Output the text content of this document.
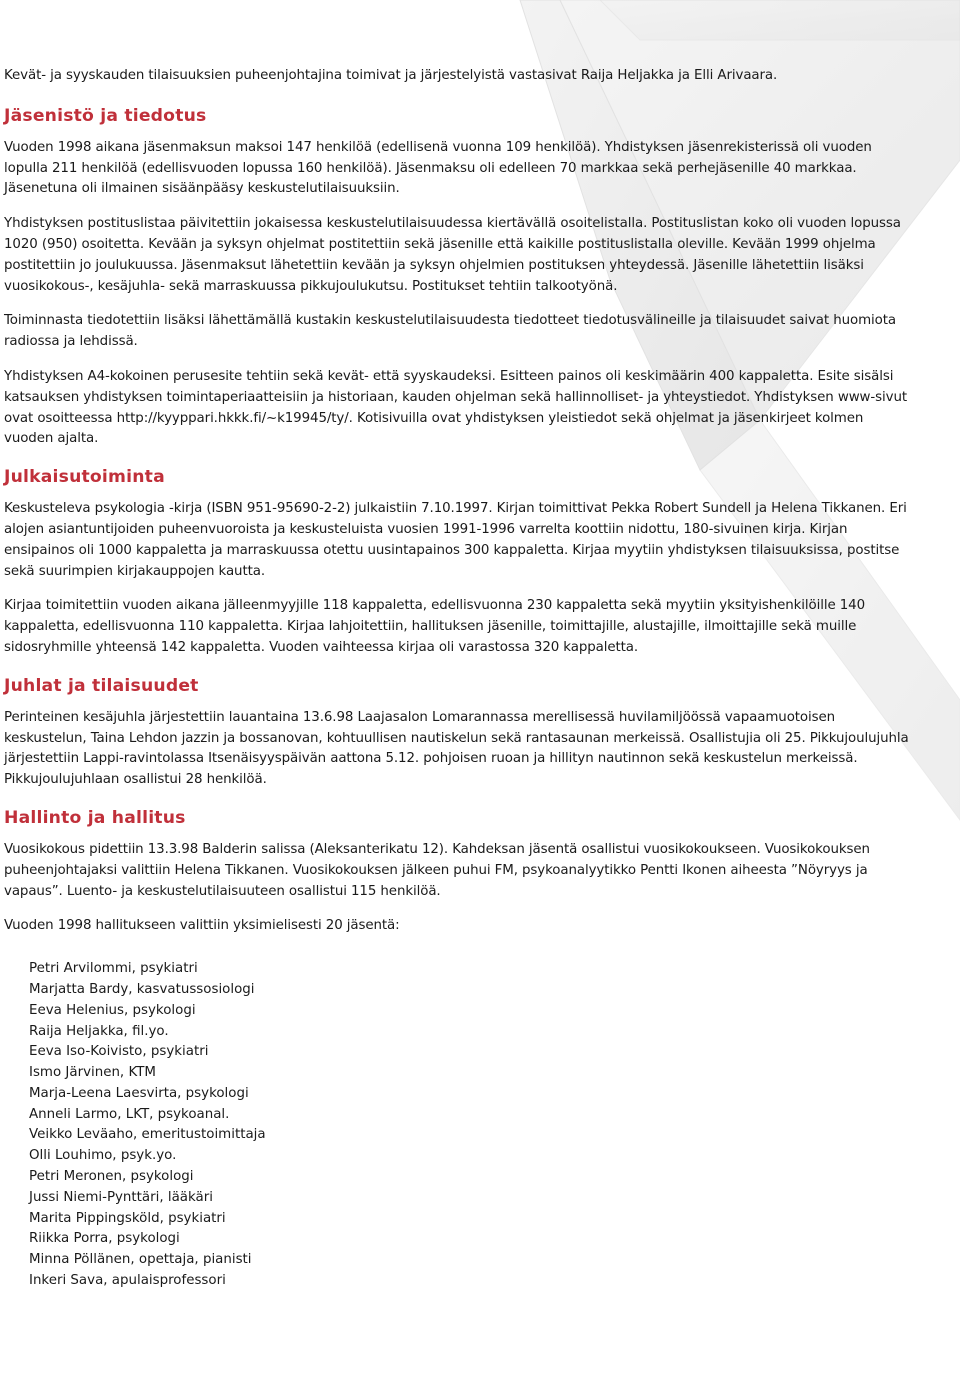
Kevät- ja syyskauden tilaisuuksien puheenjohtajina toimivat ja järjestelyistä vastasivat Raija Heljakka ja Elli Arivaara.

Jäsenistö ja tiedotus

Vuoden 1998 aikana jäsenmaksun maksoi 147 henkilöä (edellisenä vuonna 109 henkilöä). Yhdistyksen jäsenrekisterissä oli vuoden lopulla 211 henkilöä (edellisvuoden lopussa 160 henkilöä). Jäsenmaksu oli edelleen 70 markkaa sekä perhejäsenille 40 markkaa. Jäsenetuna oli ilmainen sisäänpääsy keskustelutilaisuuksiin.

Yhdistyksen postituslistaa päivitettiin jokaisessa keskustelutilaisuudessa kiertävällä osoitelistalla. Postituslistan koko oli vuoden lopussa 1020 (950) osoitetta. Kevään ja syksyn ohjelmat postitettiin sekä jäsenille että kaikille postituslistalla oleville. Kevään 1999 ohjelma postitettiin jo joulukuussa. Jäsenmaksut lähetettiin kevään ja syksyn ohjelmien postituksen yhteydessä. Jäsenille lähetettiin lisäksi vuosikokous-, kesäjuhla- sekä marraskuussa pikkujoulukutsu. Postitukset tehtiin talkootyönä.

Toiminnasta tiedotettiin lisäksi lähettämällä kustakin keskustelutilaisuudesta tiedotteet tiedotusvälineille ja tilaisuudet saivat huomiota radiossa ja lehdissä.

Yhdistyksen A4-kokoinen perusesite tehtiin sekä kevät- että syyskaudeksi. Esitteen painos oli keskimäärin 400 kappaletta. Esite sisälsi katsauksen yhdistyksen toimintaperiaatteisiin ja historiaan, kauden ohjelman sekä hallinnolliset- ja yhteystiedot. Yhdistyksen www-sivut ovat osoitteessa http://kyyppari.hkkk.fi/~k19945/ty/. Kotisivuilla ovat yhdistyksen yleistiedot sekä ohjelmat ja jäsenkirjeet kolmen vuoden ajalta.

Julkaisutoiminta

Keskusteleva psykologia -kirja (ISBN 951-95690-2-2) julkaistiin 7.10.1997. Kirjan toimittivat Pekka Robert Sundell ja Helena Tikkanen. Eri alojen asiantuntijoiden puheenvuoroista ja keskusteluista vuosien 1991-1996 varrelta koottiin nidottu, 180-sivuinen kirja. Kirjan ensipainos oli 1000 kappaletta ja marraskuussa otettu uusintapainos 300 kappaletta. Kirjaa myytiin yhdistyksen tilaisuuksissa, postitse sekä suurimpien kirjakauppojen kautta.

Kirjaa toimitettiin vuoden aikana jälleenmyyjille 118 kappaletta, edellisvuonna 230 kappaletta sekä myytiin yksityishenkilöille 140 kappaletta, edellisvuonna 110 kappaletta. Kirjaa lahjoitettiin, hallituksen jäsenille, toimittajille, alustajille, ilmoittajille sekä muille sidosryhmille yhteensä 142 kappaletta. Vuoden vaihteessa kirjaa oli varastossa 320 kappaletta.

Juhlat ja tilaisuudet

Perinteinen kesäjuhla järjestettiin lauantaina 13.6.98 Laajasalon Lomarannassa merellisessä huvilamiljöössä vapaamuotoisen keskustelun, Taina Lehdon jazzin ja bossanovan, kohtuullisen nautiskelun sekä rantasaunan merkeissä. Osallistujia oli 25. Pikkujoulujuhla järjestettiin Lappi-ravintolassa Itsenäisyyspäivän aattona 5.12. pohjoisen ruoan ja hillityn nautinnon sekä keskustelun merkeissä. Pikkujoulujuhlaan osallistui 28 henkilöä.

Hallinto ja hallitus

Vuosikokous pidettiin 13.3.98 Balderin salissa (Aleksanterikatu 12). Kahdeksan jäsentä osallistui vuosikokoukseen. Vuosikokouksen puheenjohtajaksi valittiin Helena Tikkanen. Vuosikokouksen jälkeen puhui FM, psykoanalyytikko Pentti Ikonen aiheesta ”Nöyryys ja vapaus”. Luento- ja keskustelutilaisuuteen osallistui 115 henkilöä.

Vuoden 1998 hallitukseen valittiin yksimielisesti 20 jäsentä:

Petri Arvilommi, psykiatri
Marjatta Bardy, kasvatussosiologi
Eeva Helenius, psykologi
Raija Heljakka, fil.yo.
Eeva Iso-Koivisto, psykiatri
Ismo Järvinen, KTM
Marja-Leena Laesvirta, psykologi
Anneli Larmo, LKT, psykoanal.
Veikko Leväaho, emeritustoimittaja
Olli Louhimo, psyk.yo.
Petri Meronen, psykologi
Jussi Niemi-Pynttäri, lääkäri
Marita Pippingsköld, psykiatri
Riikka Porra, psykologi
Minna Pöllänen, opettaja, pianisti
Inkeri Sava, apulaisprofessori
